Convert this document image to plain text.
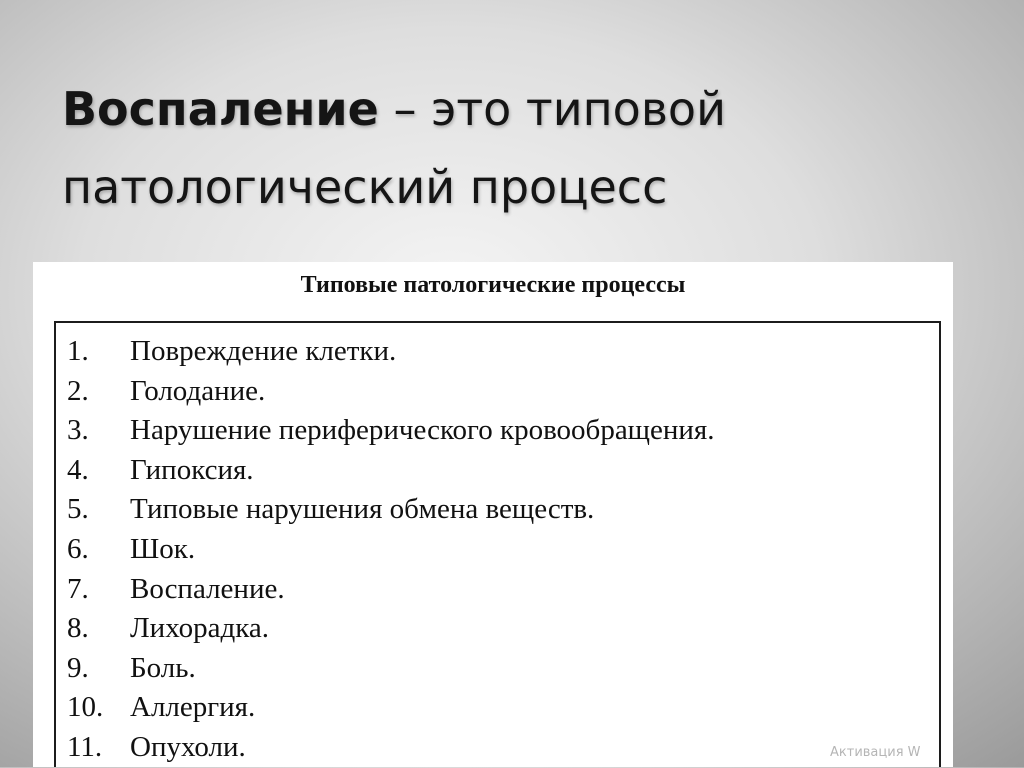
Воспаление – это типовой патологический процесс
Типовые патологические процессы
1.	Повреждение клетки.
2.	Голодание.
3.	Нарушение периферического кровообращения.
4.	Гипоксия.
5.	Типовые нарушения обмена веществ.
6.	Шок.
7.	Воспаление.
8.	Лихорадка.
9.	Боль.
10. Аллергия.
11. Опухоли.	Активация W
